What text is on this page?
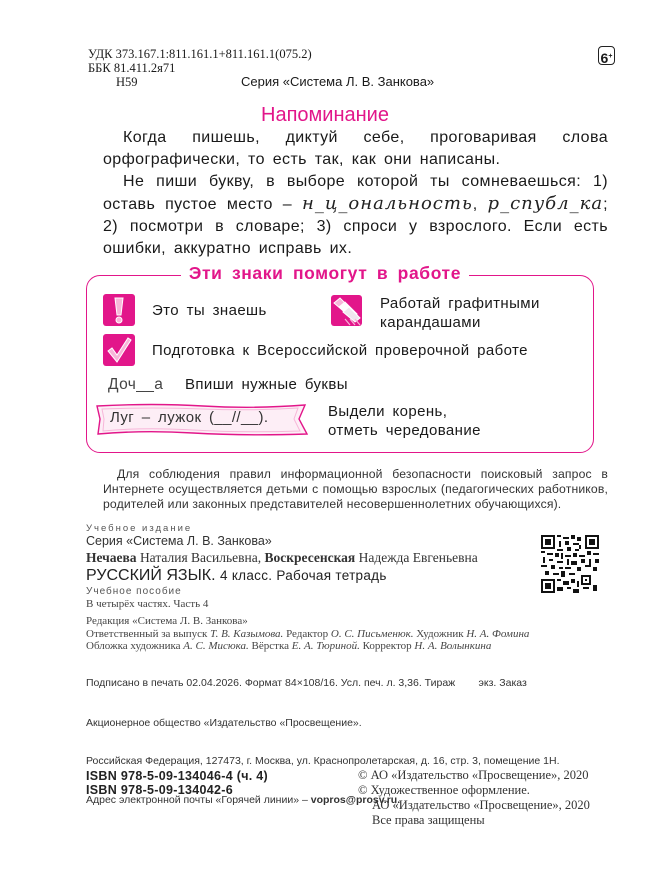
УДК 373.167.1:811.161.1+811.161.1(075.2)
ББК 81.411.2я71
Н59	Серия «Система Л. В. Занкова»
6+
Напоминание

Когда пишешь, диктуй себе, проговаривая слова орфографически, то есть так, как они написаны.

Не пиши букву, в выборе которой ты сомневаешься: 1) оставь пустое место – н_ц_ональность, р_спубл_ка; 2) посмотри в словаре; 3) спроси у взрослого. Если есть ошибки, аккуратно исправь их.

Эти знаки помогут в работе
Это ты знаешь	Работай графитными
карандашами
Подготовка к Всероссийской проверочной работе
Доч__а Впиши нужные буквы
Луг – лужок (__//__).	Выдели корень,
отметь чередование
Для соблюдения правил информационной безопасности поисковый запрос в Интернете осуществляется детьми с помощью взрослых (педагогических работников, родителей или законных представителей несовершеннолетних обучающихся).
Учебное издание
Серия «Система Л. В. Занкова»
Нечаева Наталия Васильевна, Воскресенская Надежда Евгеньевна
РУССКИЙ ЯЗЫК. 4 класс. Рабочая тетрадь
Учебное пособие
В четырёх частях. Часть 4
Редакция «Система Л. В. Занкова»
Ответственный за выпуск Т. В. Казымова. Редактор О. С. Письменюк. Художник Н. А. Фомина
Обложка художника А. С. Мисюка. Вёрстка Е. А. Тюриной. Корректор Н. А. Волынкина

Подписано в печать 02.04.2026. Формат 84×108/16. Усл. печ. л. 3,36. Тираж        экз. Заказ

Акционерное общество «Издательство «Просвещение».

Российская Федерация, 127473, г. Москва, ул. Краснопролетарская, д. 16, стр. 3, помещение 1Н.

Адрес электронной почты «Горячей линии» – vopros@prosv.ru.

ISBN 978-5-09-134046-4 (ч. 4)
ISBN 978-5-09-134042-6
© АО «Издательство «Просвещение», 2020
© Художественное оформление.
АО «Издательство «Просвещение», 2020
Все права защищены
